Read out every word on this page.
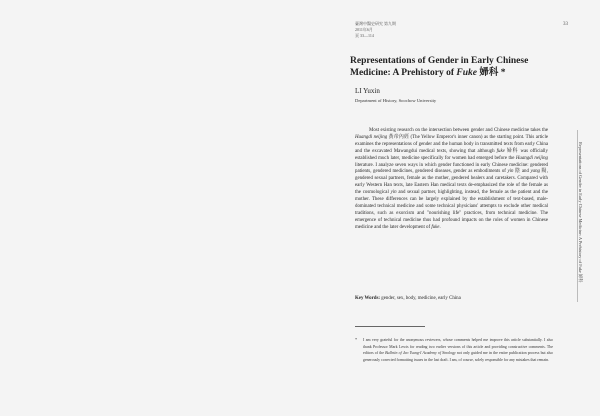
臺灣中醫史研究 第九期
2011年6月
頁 33—114
33
Representations of Gender in Early Chinese
Medicine: A Prehistory of Fuke 婦科 *
LI Yuxin
Department of History, Soochow University

Most existing research on the intersection between gender and Chinese medicine takes the Huangdi neijing 黃帝內經 (The Yellow Emperor's inner canon) as the starting point. This article examines the representations of gender and the human body in transmitted texts from early China and the excavated Mawangdui medical texts, showing that although fuke 婦科 was officially established much later, medicine specifically for women had emerged before the Huangdi neijing literature. I analyze seven ways in which gender functioned in early Chinese medicine: gendered patients, gendered medicines, gendered diseases, gender as embodiments of yin 陰 and yang 陽, gendered sexual partners, female as the mother, gendered healers and caretakers. Compared with early Western Han texts, late Eastern Han medical texts de-emphasized the role of the female as the cosmological yin and sexual partner, highlighting, instead, the female as the patient and the mother. These differences can be largely explained by the establishment of text-based, male-dominated technical medicine and some technical physicians' attempts to exclude other medical traditions, such as exorcism and "nourishing life" practices, from technical medicine. The emergence of technical medicine thus had profound impacts on the roles of women in Chinese medicine and the later development of fuke.

Key Words: gender, sex, body, medicine, early China
* I am very grateful for the anonymous reviewers, whose comments helped me improve this article substantially. I also thank Professor Mark Lewis for reading two earlier versions of this article and providing constructive comments. The editors of the Bulletin of Jao Tsung-I Academy of Sinology not only guided me in the entire publication process but also generously corrected formatting issues in the last draft. I am, of course, solely responsible for any mistakes that remain.

Representations of Gender in Early Chinese Medicine: A Prehistory of Fuke 婦科
